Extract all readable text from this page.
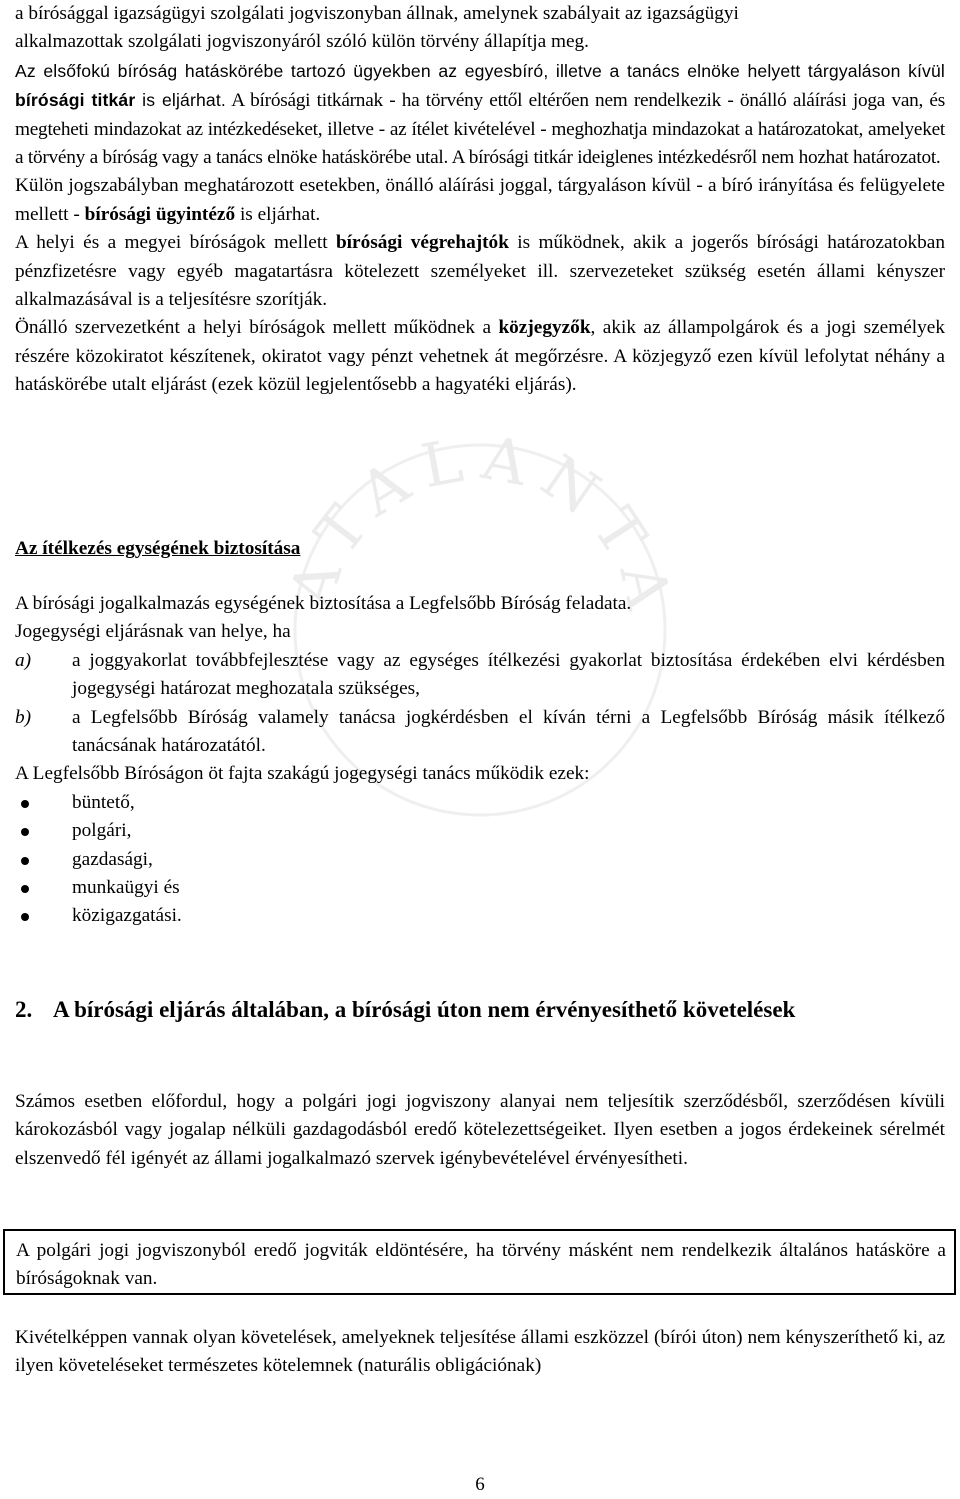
ATALANTA

a bírósággal igazságügyi szolgálati jogviszonyban állnak, amelynek szabályait az igazságügyi
alkalmazottak szolgálati jogviszonyáról szóló külön törvény állapítja meg.

Az elsőfokú bíróság hatáskörébe tartozó ügyekben az egyesbíró, illetve a tanács elnöke helyett tárgyaláson kívül bírósági titkár is eljárhat. A bírósági titkárnak - ha törvény ettől eltérően nem rendelkezik - önálló aláírási joga van, és megteheti mindazokat az intézkedéseket, illetve - az ítélet kivételével - meghozhatja mindazokat a határozatokat, amelyeket a törvény a bíróság vagy a tanács elnöke hatáskörébe utal. A bírósági titkár ideiglenes intézkedésről nem hozhat határozatot.

Külön jogszabályban meghatározott esetekben, önálló aláírási joggal, tárgyaláson kívül - a bíró irányítása és felügyelete mellett - bírósági ügyintéző is eljárhat.

A helyi és a megyei bíróságok mellett bírósági végrehajtók is működnek, akik a jogerős bírósági határozatokban pénzfizetésre vagy egyéb magatartásra kötelezett személyeket ill. szervezeteket szükség esetén állami kényszer alkalmazásával is a teljesítésre szorítják.

Önálló szervezetként a helyi bíróságok mellett működnek a közjegyzők, akik az állampolgárok és a jogi személyek részére közokiratot készítenek, okiratot vagy pénzt vehetnek át megőrzésre. A közjegyző ezen kívül lefolytat néhány a hatáskörébe utalt eljárást (ezek közül legjelentősebb a hagyatéki eljárás).

Az ítélkezés egységének biztosítása

A bírósági jogalkalmazás egységének biztosítása a Legfelsőbb Bíróság feladata.

Jogegységi eljárásnak van helye, ha

a) a joggyakorlat továbbfejlesztése vagy az egységes ítélkezési gyakorlat biztosítása érdekében elvi kérdésben jogegységi határozat meghozatala szükséges,
b) a Legfelsőbb Bíróság valamely tanácsa jogkérdésben el kíván térni a Legfelsőbb Bíróság másik ítélkező tanácsának határozatától.

A Legfelsőbb Bíróságon öt fajta szakágú jogegységi tanács működik ezek:

büntető,
polgári,
gazdasági,
munkaügyi és
közigazgatási.
2. A bírósági eljárás általában, a bírósági úton nem érvényesíthető követelések

Számos esetben előfordul, hogy a polgári jogi jogviszony alanyai nem teljesítik szerződésből, szerződésen kívüli károkozásból vagy jogalap nélküli gazdagodásból eredő kötelezettségeiket. Ilyen esetben a jogos érdekeinek sérelmét elszenvedő fél igényét az állami jogalkalmazó szervek igénybevételével érvényesítheti.

A polgári jogi jogviszonyból eredő jogviták eldöntésére, ha törvény másként nem rendelkezik általános hatásköre a bíróságoknak van.

Kivételképpen vannak olyan követelések, amelyeknek teljesítése állami eszközzel (bírói úton) nem kényszeríthető ki, az ilyen követeléseket természetes kötelemnek (naturális obligációnak)

6
